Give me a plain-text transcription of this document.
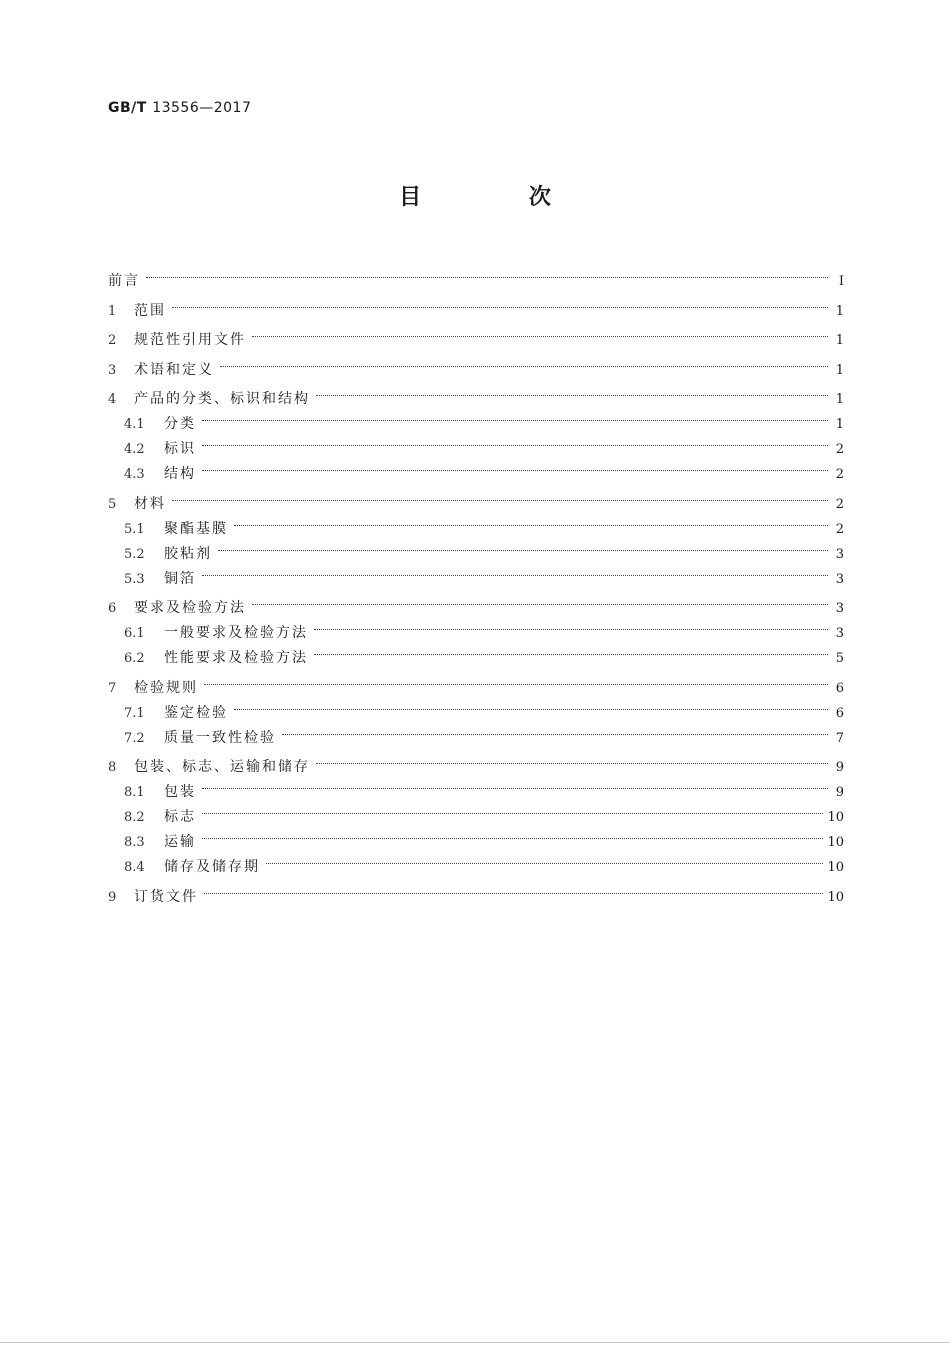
GB/T 13556—2017
目 次
前言	Ⅰ
1	范围	1
2	规范性引用文件	1
3	术语和定义	1
4	产品的分类、标识和结构	1
4.1	分类	1
4.2	标识	2
4.3	结构	2
5	材料	2
5.1	聚酯基膜	2
5.2	胶粘剂	3
5.3	铜箔	3
6	要求及检验方法	3
6.1	一般要求及检验方法	3
6.2	性能要求及检验方法	5
7	检验规则	6
7.1	鉴定检验	6
7.2	质量一致性检验	7
8	包装、标志、运输和储存	9
8.1	包装	9
8.2	标志	10
8.3	运输	10
8.4	储存及储存期	10
9	订货文件	10
